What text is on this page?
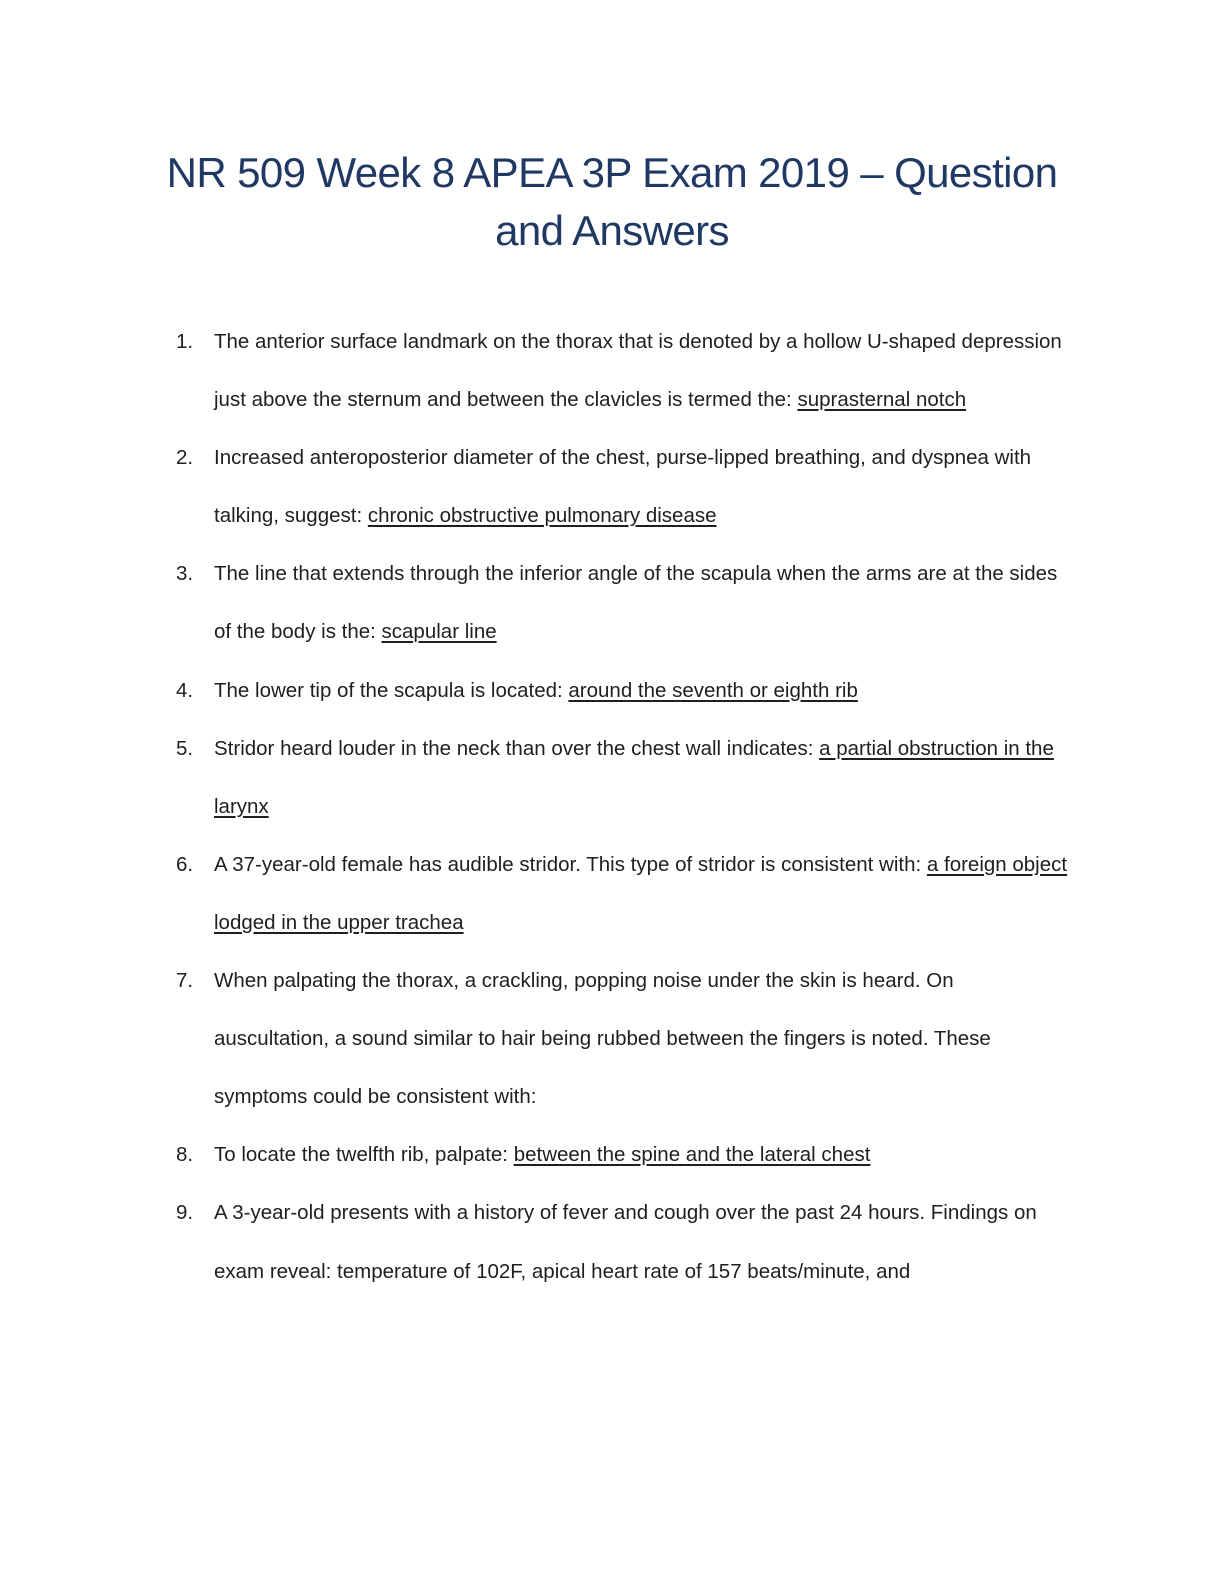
NR 509 Week 8 APEA 3P Exam 2019 – Question and Answers
1.	The anterior surface landmark on the thorax that is denoted by a hollow U-shaped depression just above the sternum and between the clavicles is termed the: suprasternal notch
2.	Increased anteroposterior diameter of the chest, purse-lipped breathing, and dyspnea with talking, suggest: chronic obstructive pulmonary disease
3.	The line that extends through the inferior angle of the scapula when the arms are at the sides of the body is the: scapular line
4.	The lower tip of the scapula is located: around the seventh or eighth rib
5.	Stridor heard louder in the neck than over the chest wall indicates: a partial obstruction in the larynx
6.	A 37-year-old female has audible stridor. This type of stridor is consistent with: a foreign object lodged in the upper trachea
7.	When palpating the thorax, a crackling, popping noise under the skin is heard. On auscultation, a sound similar to hair being rubbed between the fingers is noted. These symptoms could be consistent with:
8.	To locate the twelfth rib, palpate: between the spine and the lateral chest
9.	A 3-year-old presents with a history of fever and cough over the past 24 hours. Findings on exam reveal: temperature of 102F, apical heart rate of 157 beats/minute, and
